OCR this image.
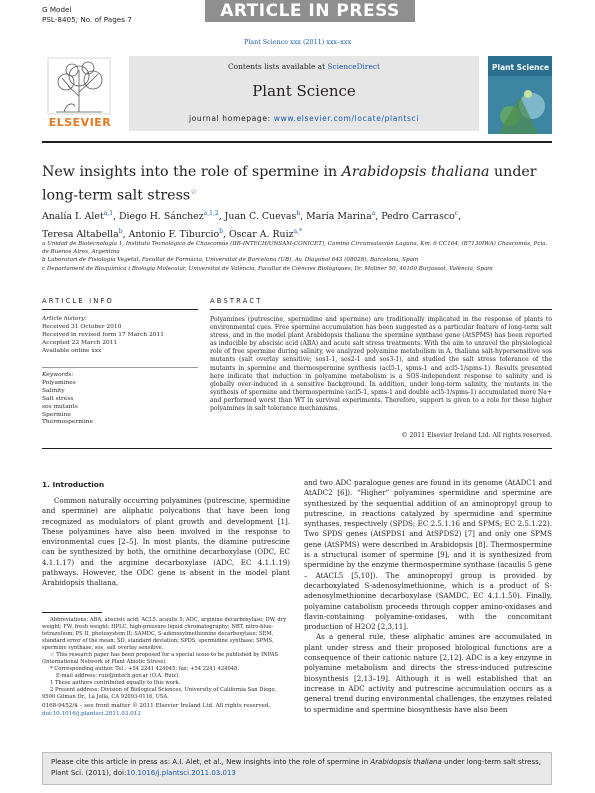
G Model
PSL-8405; No. of Pages 7	ARTICLE IN PRESS
Plant Science xxx (2011) xxx–xxx
ELSEVIER
Contents lists available at ScienceDirect
Plant Science
journal homepage: www.elsevier.com/locate/plantsci
Plant Science
New insights into the role of spermine in Arabidopsis thaliana under long-term salt stress☆
Analía I. Alet$^{a,1}$, Diego H. Sánchez$^{a,1,2}$, Juan C. Cuevas$^b$, María Marina$^a$, Pedro Carrasco$^c$,
Teresa Altabella$^b$, Antonio F. Tiburcio$^b$, Oscar A. Ruiz$^{a,*}$
a Unidad de Biotecnología 1, Instituto Tecnológico de Chascomús (IIB-INTECH/UNSAM-CONICET), Camino Circunvalación Laguna, Km. 6 CC164, (B7130IWA) Chascomús, Pcia. de Buenos Aires, Argentina
b Laboratori de Fisiología Vegetal, Facultat de Farmàcia, Universitat de Barcelona (UB), Av. Diagonal 643 (08028), Barcelona, Spain
c Departament de Bioquímica i Biología Molecular, Universitat de València, Facultat de Ciències Biològiques; Dr. Moliner 50, 46100 Burjassot, València, Spain
ARTICLE INFO	ABSTRACT
Article history:
Received 31 October 2010
Received in revised form 17 March 2011
Accepted 22 March 2011
Available online xxx
Keywords:
Polyamines
Salinity
Salt stress
sos mutants
Spermine
Thermospermine
Polyamines (putrescine, spermidine and spermine) are traditionally implicated in the response of plants to environmental cues. Free spermine accumulation has been suggested as a particular feature of long-term salt stress, and in the model plant Arabidopsis thaliana the spermine synthase gene (AtSPMS) has been reported as inducible by abscisic acid (ABA) and acute salt stress treatments. With the aim to unravel the physiological role of free spermine during salinity, we analyzed polyamine metabolism in A. thaliana salt-hypersensitive sos mutants (salt overlay sensitive; sos1-1, sos2-1 and sos3-1), and studied the salt stress tolerance of the mutants in spermine and thermospermine synthesis (acl5-1, spms-1 and acl5-1/spms-1). Results presented here indicate that induction in polyamine metabolism is a SOS-independent response to salinity and is globally over-induced in a sensitive background. In addition, under long-term salinity, the mutants in the synthesis of spermine and thermospermine (acl5-1, spms-1 and double acl5-1/spms-1) accumulated more Na+ and performed worst than WT in survival experiments. Therefore, support is given to a role for these higher polyamines in salt tolerance mechanisms.
© 2011 Elsevier Ireland Ltd. All rights reserved.
1. Introduction

Common naturally occurring polyamines (putrescine, spermidine and spermine) are aliphatic polycations that have been long recognized as modulators of plant growth and development [1]. These polyamines have also been involved in the response to environmental cues [2–5]. In most plants, the diamine putrescine can be synthesized by both, the ornithine decarboxylase (ODC, EC 4.1.1.17) and the arginine decarboxylase (ADC, EC 4.1.1.19) pathways. However, the ODC gene is absent in the model plant Arabidopsis thaliana,

and two ADC paralogue genes are found in its genome (AtADC1 and AtADC2 [6]). “Higher” polyamines spermidine and spermine are synthesized by the sequential addition of an aminopropyl group to putrescine, in reactions catalyzed by spermidine and spermine synthases, respectively (SPDS; EC 2.5.1.16 and SPMS; EC 2.5.1.22). Two SPDS genes (AtSPDS1 and AtSPDS2) [7] and only one SPMS gene (AtSPMS) were described in Arabidopsis [8]. Thermospermine is a structural isomer of spermine [9], and it is synthesized from spermidine by the enzyme thermospermine synthase (acaulis 5 gene – AtACL5 [5,10]). The aminopropyl group is provided by decarboxylated S-adenosylmethionine, which is a product of S-adenosylmethionine decarboxylase (SAMDC, EC 4.1.1.50). Finally, polyamine catabolism proceeds through copper amino-oxidases and flavin-containing polyamine-oxidases, with the concomitant production of H2O2 [2,3,11].

As a general rule, these aliphatic amines are accumulated in plant under stress and their proposed biological functions are a consequence of their cationic nature [2,12]. ADC is a key enzyme in polyamine metabolism and directs the stress-induced putrescine biosynthesis [2,13–19]. Although it is well established that an increase in ADC activity and putrescine accumulation occurs as a general trend during environmental challenges, the enzymes related to spermidine and spermine biosynthesis have also been

Abbreviations: ABA, abscisic acid; ACL5, acaulis 5; ADC, arginine decarboxylase; DW, dry weight; FW, fresh weight; HPLC, high-pressure liquid chromatography; NBT, nitro-blue-tetrazolium; PS II, photosystem II; SAMDC, S-adenosylmethionine decarboxylase; SEM, standard error of the mean; SD, standard deviation; SPDS, spermidine synthase; SPMS, spermine synthase; sos, salt overlay sensitive.
☆ This research paper has been proposed for a special issue to be published by INPAS (International Network of Plant Abiotic Stress).
* Corresponding author. Tel.: +54 2241 424045; fax: +54 2241 424048.
E-mail address: ruiz@intech.gov.ar (O.A. Ruiz).
1 These authors contributed equally to this work.
2 Present address: Division of Biological Sciences, University of California San Diego, 9500 Gilman Dr., La Jolla, CA 92093-0116, USA.
0168-9452/$ – see front matter © 2011 Elsevier Ireland Ltd. All rights reserved.
doi:10.1016/j.plantsci.2011.03.013
Please cite this article in press as: A.I. Alet, et al., New insights into the role of spermine in Arabidopsis thaliana under long-term salt stress, Plant Sci. (2011), doi:10.1016/j.plantsci.2011.03.013
